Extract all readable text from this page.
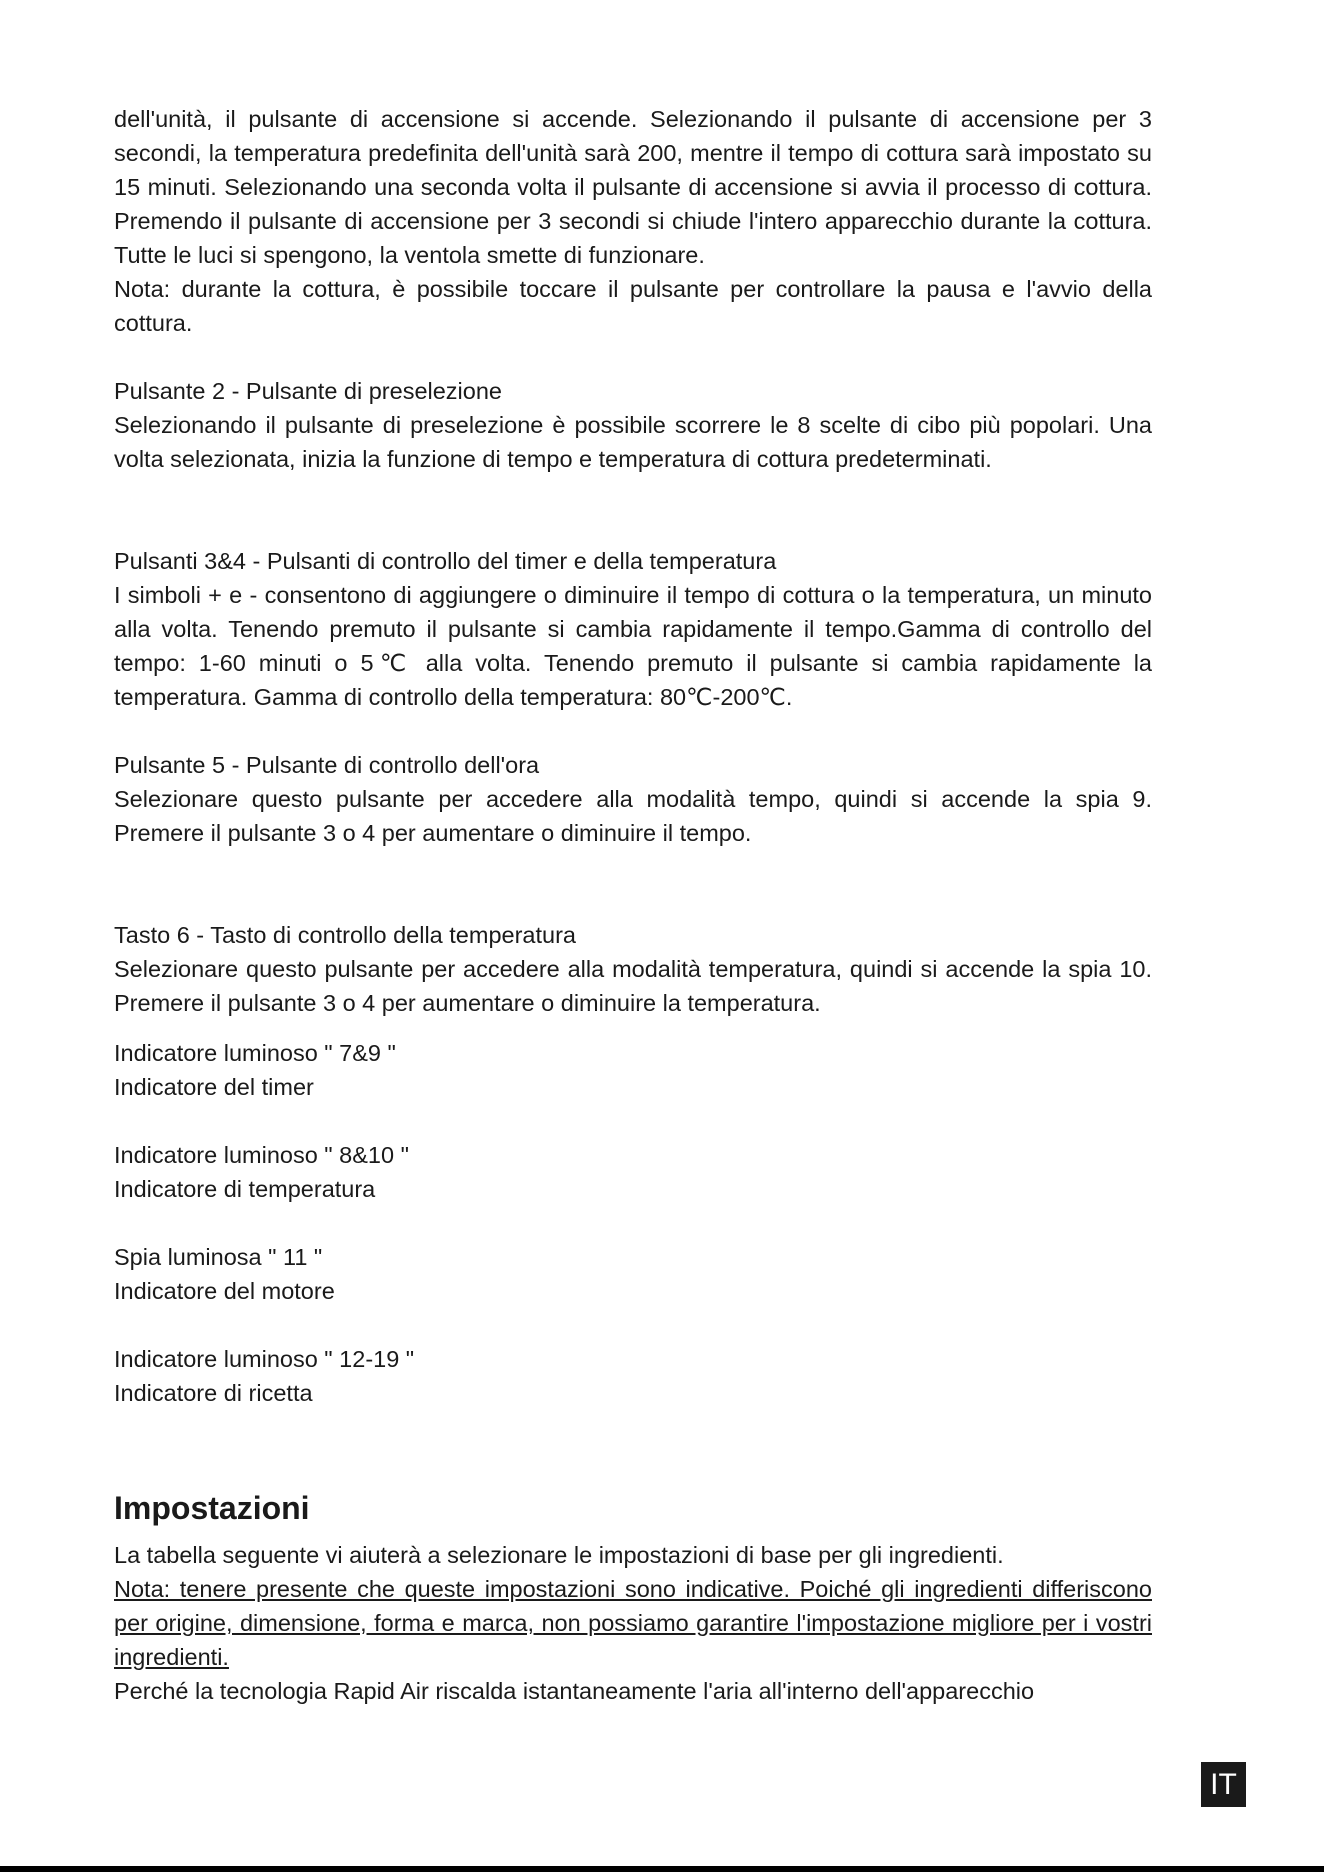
dell'unità, il pulsante di accensione si accende. Selezionando il pulsante di accensione per 3 secondi, la temperatura predefinita dell'unità sarà 200, mentre il tempo di cottura sarà impostato su 15 minuti. Selezionando una seconda volta il pulsante di accensione si avvia il processo di cottura. Premendo il pulsante di accensione per 3 secondi si chiude l'intero apparecchio durante la cottura. Tutte le luci si spengono, la ventola smette di funzionare.

Nota: durante la cottura, è possibile toccare il pulsante per controllare la pausa e l'avvio della cottura.

Pulsante 2 - Pulsante di preselezione

Selezionando il pulsante di preselezione è possibile scorrere le 8 scelte di cibo più popolari. Una volta selezionata, inizia la funzione di tempo e temperatura di cottura predeterminati.

Pulsanti 3&4 - Pulsanti di controllo del timer e della temperatura

I simboli + e - consentono di aggiungere o diminuire il tempo di cottura o la temperatura, un minuto alla volta. Tenendo premuto il pulsante si cambia rapidamente il tempo.Gamma di controllo del tempo: 1-60 minuti o 5℃ alla volta. Tenendo premuto il pulsante si cambia rapidamente la temperatura. Gamma di controllo della temperatura: 80℃-200℃.

Pulsante 5 - Pulsante di controllo dell'ora

Selezionare questo pulsante per accedere alla modalità tempo, quindi si accende la spia 9. Premere il pulsante 3 o 4 per aumentare o diminuire il tempo.

Tasto 6 - Tasto di controllo della temperatura

Selezionare questo pulsante per accedere alla modalità temperatura, quindi si accende la spia 10. Premere il pulsante 3 o 4 per aumentare o diminuire la temperatura.

Indicatore luminoso " 7&9 "

Indicatore del timer

Indicatore luminoso " 8&10 "

Indicatore di temperatura

Spia luminosa " 11 "

Indicatore del motore

Indicatore luminoso " 12-19 "

Indicatore di ricetta

Impostazioni

La tabella seguente vi aiuterà a selezionare le impostazioni di base per gli ingredienti.

Nota: tenere presente che queste impostazioni sono indicative. Poiché gli ingredienti differiscono per origine, dimensione, forma e marca, non possiamo garantire l'impostazione migliore per i vostri ingredienti.

Perché la tecnologia Rapid Air riscalda istantaneamente l'aria all'interno dell'apparecchio

IT
